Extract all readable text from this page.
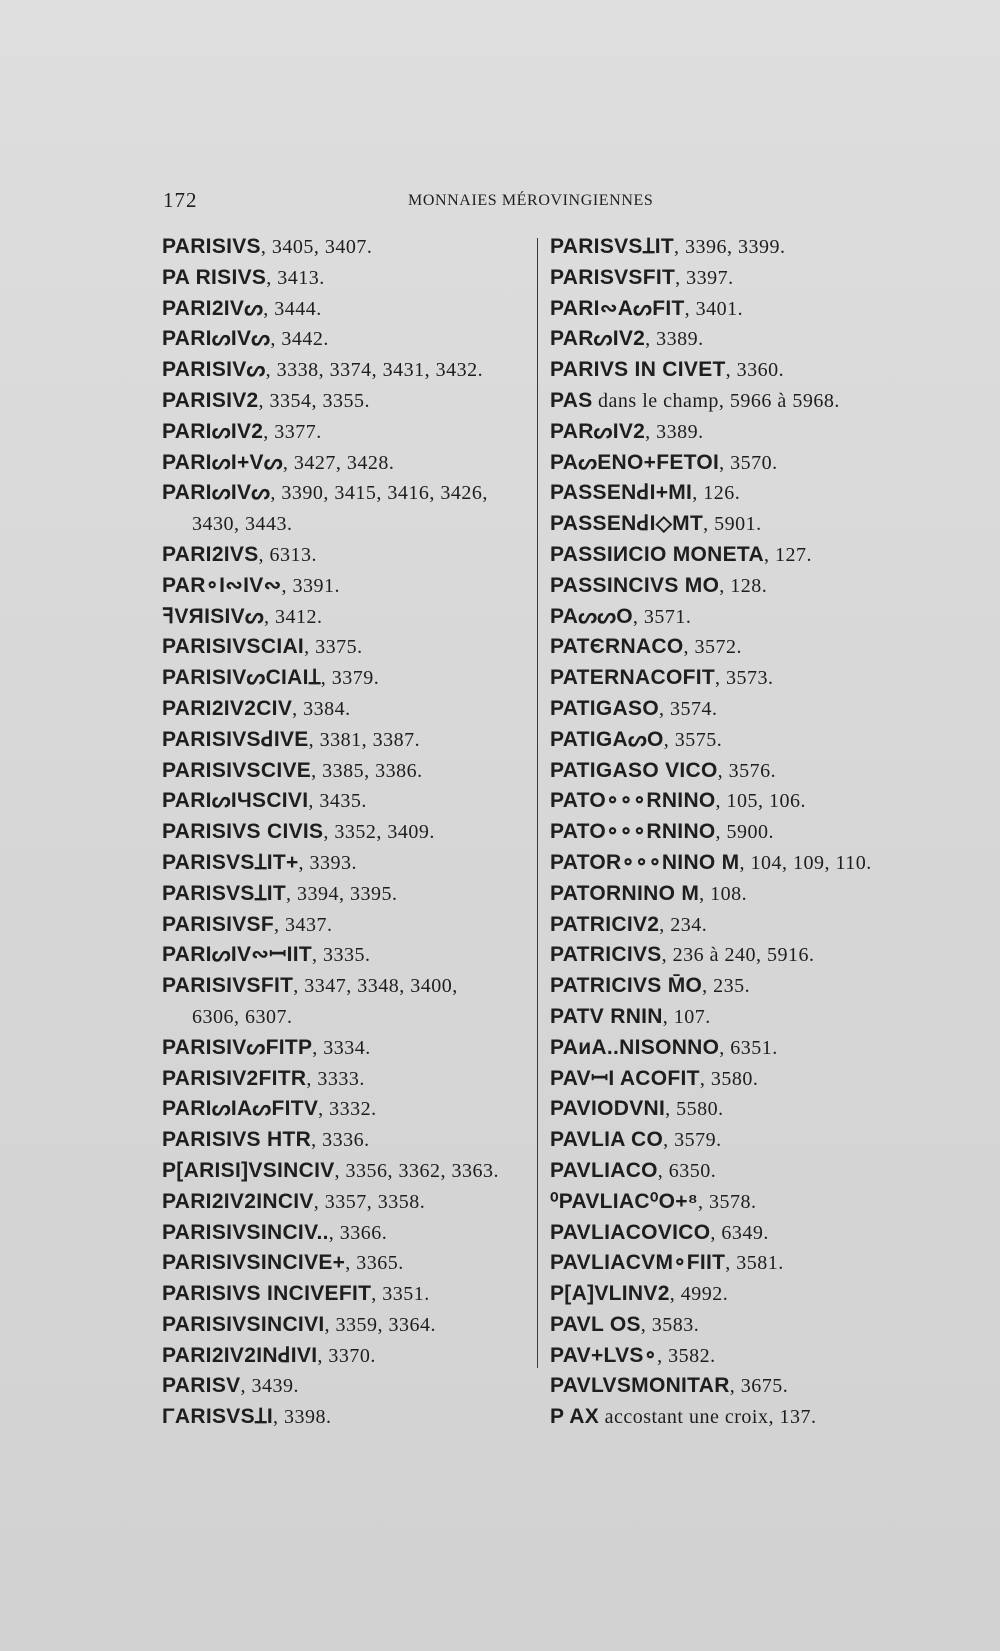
172	MONNAIES MÉROVINGIENNES

PARISIVS, 3405, 3407.

PA RISIVS, 3413.

PARI2IVᔕ, 3444.

PARIᔕIVᔕ, 3442.

PARISIVᔕ, 3338, 3374, 3431, 3432.

PARISIV2, 3354, 3355.

PARIᔕIV2, 3377.

PARIᔕI+Vᔕ, 3427, 3428.

PARIᔕIVᔕ, 3390, 3415, 3416, 3426,

3430, 3443.

PARI2IVS, 6313.

PAR∘I∾IV∾, 3391.

ꟻVЯISIVᔕ, 3412.

PARISIVSCIAI, 3375.

PARISIVᔕCIAIꞱ, 3379.

PARI2IV2CIV, 3384.

PARISIVSꓒIVE, 3381, 3387.

PARISIVSCIVE, 3385, 3386.

PARIᔕIЧSCIVI, 3435.

PARISIVS CIVIS, 3352, 3409.

PARISVSꞱIT+, 3393.

PARISVSꞱIT, 3394, 3395.

PARISIVSF, 3437.

PARIᔕIV∾ꟷIIT, 3335.

PARISIVSFIT, 3347, 3348, 3400,

6306, 6307.

PARISIVᔕFITP, 3334.

PARISIV2FITR, 3333.

PARIᔕIAᔕFITV, 3332.

PARISIVS HTR, 3336.

P[ARISI]VSINCIV, 3356, 3362, 3363.

PARI2IV2INCIV, 3357, 3358.

PARISIVSINCIV.., 3366.

PARISIVSINCIVE+, 3365.

PARISIVS INCIVEFIT, 3351.

PARISIVSINCIVI, 3359, 3364.

PARI2IV2INꓒIVI, 3370.

PARISV, 3439.

ΓARISVSꞱI, 3398.

PARISVSꞱIT, 3396, 3399.

PARISVSFIT, 3397.

PARI∾AᔕFIT, 3401.

PARᔕIV2, 3389.

PARIVS IN CIVET, 3360.

PAS dans le champ, 5966 à 5968.

PARᔕIV2, 3389.

PAᔕENO+FETOI, 3570.

PASSENꓒI+MI, 126.

PASSENꓒI◇MT, 5901.

PASSIИCIO MONETA, 127.

PASSINCIVS MO, 128.

PAᔕᔕO, 3571.

PATЄRNACO, 3572.

PATERNACOFIT, 3573.

PATIGASO, 3574.

PATIGAᔕO, 3575.

PATIGASO VICO, 3576.

PATO∘∘∘RNINO, 105, 106.

PATO∘∘∘RNINO, 5900.

PATOR∘∘∘NINO M, 104, 109, 110.

PATORNINO M, 108.

PATRICIV2, 234.

PATRICIVS, 236 à 240, 5916.

PATRICIVS M̄O, 235.

PATV RNIN, 107.

PAᴎA..NISONNO, 6351.

PAVꟷI ACOFIT, 3580.

PAVIODVNI, 5580.

PAVLIA CO, 3579.

PAVLIACO, 6350.

⁰PAVLIAC⁰O+⁸, 3578.

PAVLIACOVICO, 6349.

PAVLIACVM∘FIIT, 3581.

P[A]VLINV2, 4992.

PAVL OS, 3583.

PAV+LVS∘, 3582.

PAVLVSMONITAR, 3675.

P AX accostant une croix, 137.
